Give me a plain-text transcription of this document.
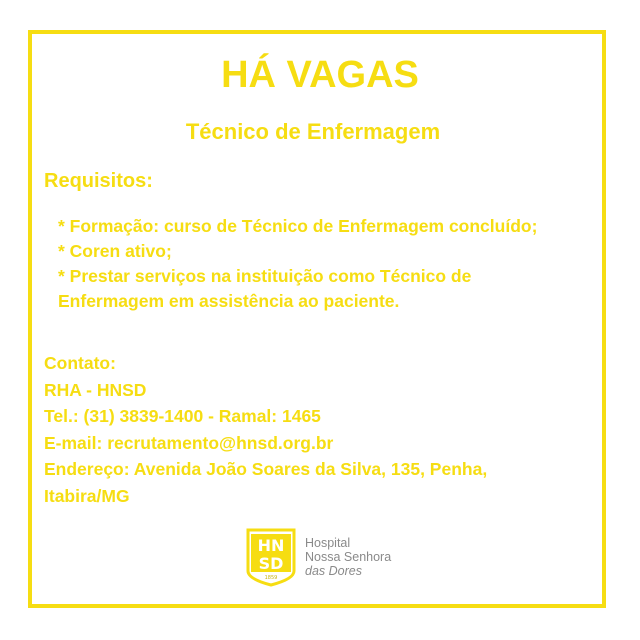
HÁ VAGAS
Técnico de Enfermagem
Requisitos:
* Formação: curso de Técnico de Enfermagem concluído;
* Coren ativo;
* Prestar serviços na instituição como Técnico de
Enfermagem em assistência ao paciente.
Contato:
RHA - HNSD
Tel.: (31) 3839-1400 - Ramal: 1465
E-mail: recrutamento@hnsd.org.br
Endereço: Avenida João Soares da Silva, 135, Penha,
Itabira/MG
HN
SD
1859
Hospital
Nossa Senhora
das Dores
